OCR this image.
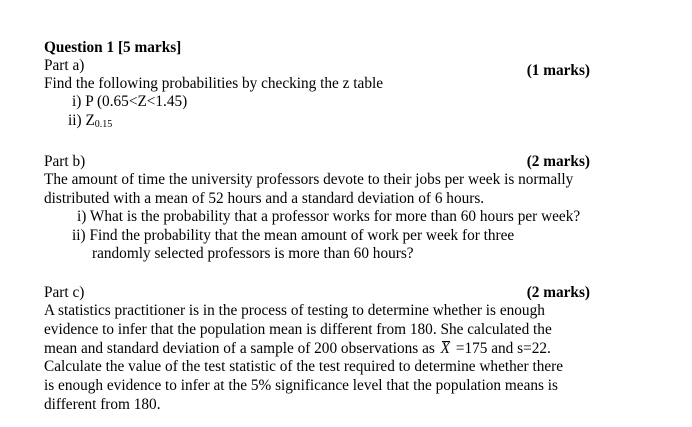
Question 1 [5 marks]
Part a)	(1 marks)
Find the following probabilities by checking the z table
i) P (0.65<Z<1.45)
ii) Z0.15
Part b)	(2 marks)
The amount of time the university professors devote to their jobs per week is normally
distributed with a mean of 52 hours and a standard deviation of 6 hours.
i) What is the probability that a professor works for more than 60 hours per week?
ii) Find the probability that the mean amount of work per week for three
randomly selected professors is more than 60 hours?
Part c)	(2 marks)
A statistics practitioner is in the process of testing to determine whether is enough
evidence to infer that the population mean is different from 180. She calculated the
mean and standard deviation of a sample of 200 observations as X =175 and s=22.
Calculate the value of the test statistic of the test required to determine whether there
is enough evidence to infer at the 5% significance level that the population means is
different from 180.
